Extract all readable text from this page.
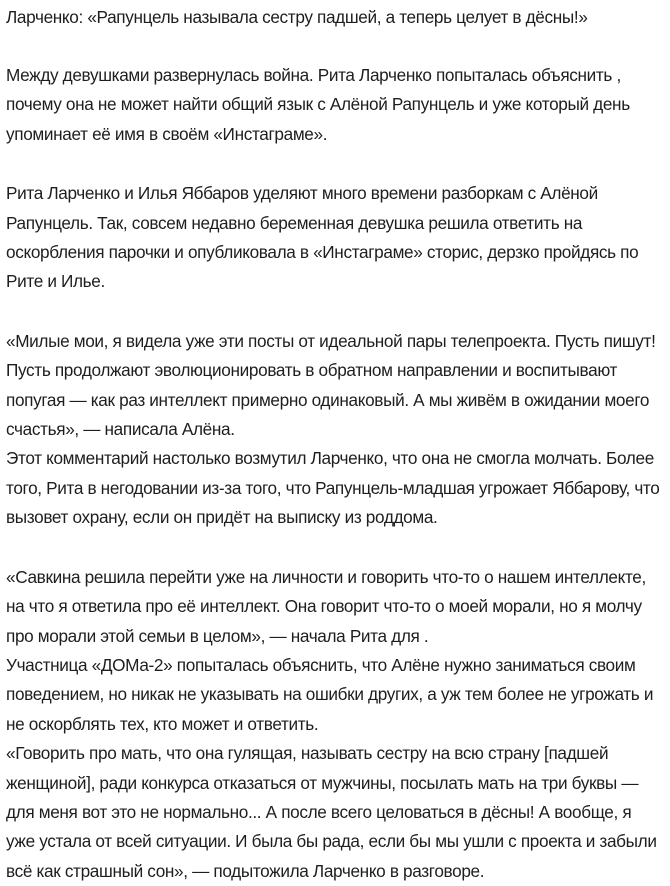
Ларченко: «Рапунцель называла сестру падшей, а теперь целует в дёсны!»

Между девушками развернулась война. Рита Ларченко попыталась объяснить , почему она не может найти общий язык с Алёной Рапунцель и уже который день упоминает её имя в своём «Инстаграме».

Рита Ларченко и Илья Яббаров уделяют много времени разборкам с Алёной Рапунцель. Так, совсем недавно беременная девушка решила ответить на оскорбления парочки и опубликовала в «Инстаграме» сторис, дерзко пройдясь по Рите и Илье.

«Милые мои, я видела уже эти посты от идеальной пары телепроекта. Пусть пишут! Пусть продолжают эволюционировать в обратном направлении и воспитывают попугая — как раз интеллект примерно одинаковый. А мы живём в ожидании моего счастья», — написала Алёна.

Этот комментарий настолько возмутил Ларченко, что она не смогла молчать. Более того, Рита в негодовании из-за того, что Рапунцель-младшая угрожает Яббарову, что вызовет охрану, если он придёт на выписку из роддома.

«Савкина решила перейти уже на личности и говорить что-то о нашем интеллекте, на что я ответила про её интеллект. Она говорит что-то о моей морали, но я молчу про морали этой семьи в целом», — начала Рита для .

Участница «ДОМа-2» попыталась объяснить, что Алёне нужно заниматься своим поведением, но никак не указывать на ошибки других, а уж тем более не угрожать и не оскорблять тех, кто может и ответить.

«Говорить про мать, что она гулящая, называть сестру на всю страну [падшей женщиной], ради конкурса отказаться от мужчины, посылать мать на три буквы — для меня вот это не нормально... А после всего целоваться в дёсны! А вообще, я уже устала от всей ситуации. И была бы рада, если бы мы ушли с проекта и забыли всё как страшный сон», — подытожила Ларченко в разговоре.
